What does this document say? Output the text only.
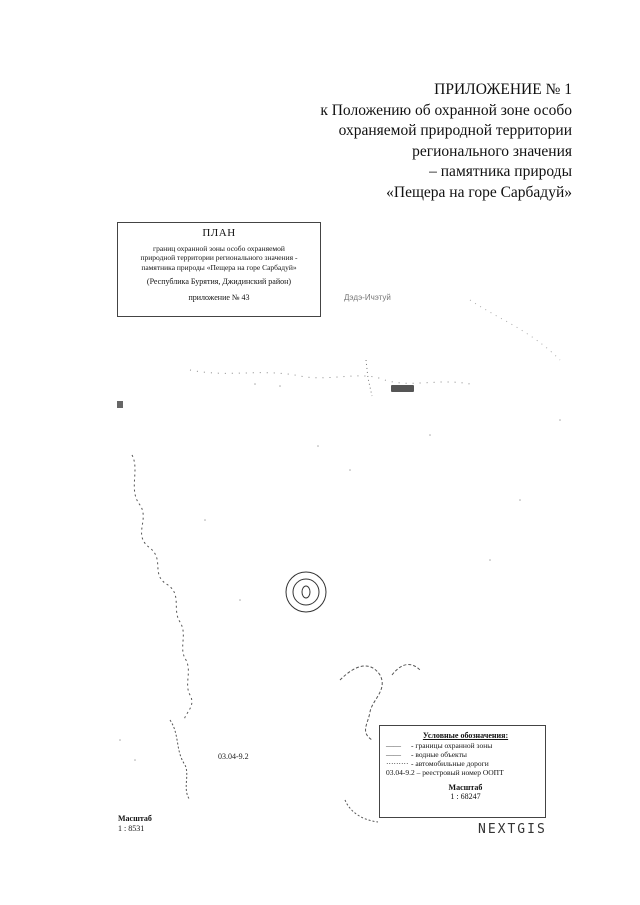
ПРИЛОЖЕНИЕ № 1
к Положению об охранной зоне особо
охраняемой природной территории
регионального значения
– памятника природы
«Пещера на горе Сарбадуй»
ПЛАН
границ охранной зоны особо охраняемой
природной территории регионального значения -
памятника природы «Пещера на горе Сарбадуй»
(Республика Бурятия, Джидинский район)
приложение № 43	Дэдэ-Ичэтуй
03.04-9.2
Условные обозначения:
——	- границы охранной зоны
——	- водные объекты
········· - автомобильные дороги
03.04-9.2 – реестровый номер ООПТ
Масштаб
1 : 68247
Масштаб
1 : 8531	NEXTGIS
